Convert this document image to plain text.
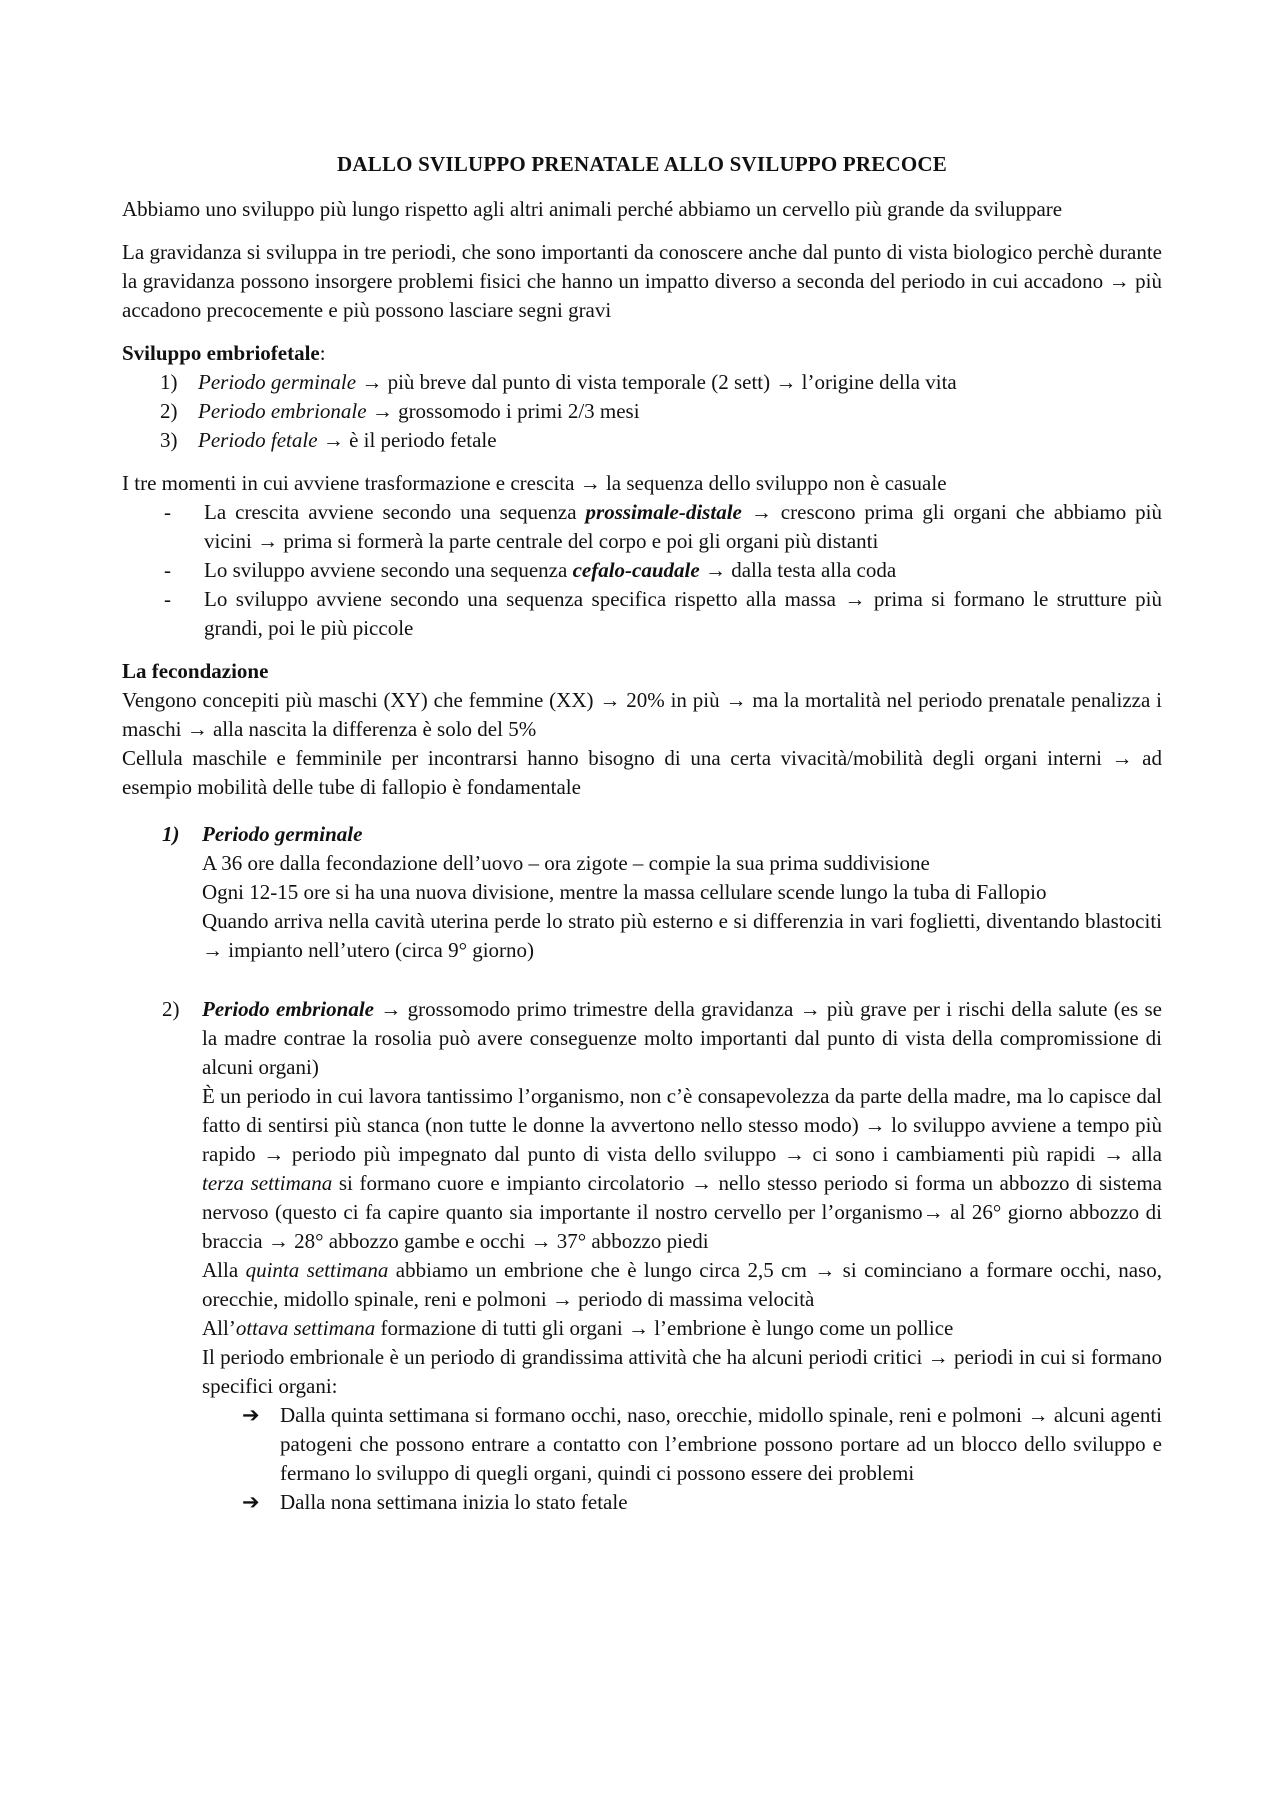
DALLO SVILUPPO PRENATALE ALLO SVILUPPO PRECOCE

Abbiamo uno sviluppo più lungo rispetto agli altri animali perché abbiamo un cervello più grande da sviluppare

La gravidanza si sviluppa in tre periodi, che sono importanti da conoscere anche dal punto di vista biologico perchè durante la gravidanza possono insorgere problemi fisici che hanno un impatto diverso a seconda del periodo in cui accadono → più accadono precocemente e più possono lasciare segni gravi

Sviluppo embriofetale:

1) Periodo germinale → più breve dal punto di vista temporale (2 sett) → l’origine della vita
2) Periodo embrionale → grossomodo i primi 2/3 mesi
3) Periodo fetale → è il periodo fetale

I tre momenti in cui avviene trasformazione e crescita → la sequenza dello sviluppo non è casuale

-	La crescita avviene secondo una sequenza prossimale-distale → crescono prima gli organi che abbiamo più vicini → prima si formerà la parte centrale del corpo e poi gli organi più distanti
-	Lo sviluppo avviene secondo una sequenza cefalo-caudale → dalla testa alla coda
-	Lo sviluppo avviene secondo una sequenza specifica rispetto alla massa → prima si formano le strutture più grandi, poi le più piccole

La fecondazione

Vengono concepiti più maschi (XY) che femmine (XX) → 20% in più → ma la mortalità nel periodo prenatale penalizza i maschi → alla nascita la differenza è solo del 5%

Cellula maschile e femminile per incontrarsi hanno bisogno di una certa vivacità/mobilità degli organi interni → ad esempio mobilità delle tube di fallopio è fondamentale

1)	Periodo germinale

A 36 ore dalla fecondazione dell’uovo – ora zigote – compie la sua prima suddivisione

Ogni 12-15 ore si ha una nuova divisione, mentre la massa cellulare scende lungo la tuba di Fallopio

Quando arriva nella cavità uterina perde lo strato più esterno e si differenzia in vari foglietti, diventando blastociti → impianto nell’utero (circa 9° giorno)

2)	Periodo embrionale → grossomodo primo trimestre della gravidanza → più grave per i rischi della salute (es se la madre contrae la rosolia può avere conseguenze molto importanti dal punto di vista della compromissione di alcuni organi)

È un periodo in cui lavora tantissimo l’organismo, non c’è consapevolezza da parte della madre, ma lo capisce dal fatto di sentirsi più stanca (non tutte le donne la avvertono nello stesso modo) → lo sviluppo avviene a tempo più rapido → periodo più impegnato dal punto di vista dello sviluppo → ci sono i cambiamenti più rapidi → alla terza settimana si formano cuore e impianto circolatorio → nello stesso periodo si forma un abbozzo di sistema nervoso (questo ci fa capire quanto sia importante il nostro cervello per l’organismo→ al 26° giorno abbozzo di braccia → 28° abbozzo gambe e occhi → 37° abbozzo piedi

Alla quinta settimana abbiamo un embrione che è lungo circa 2,5 cm → si cominciano a formare occhi, naso, orecchie, midollo spinale, reni e polmoni → periodo di massima velocità

All’ottava settimana formazione di tutti gli organi → l’embrione è lungo come un pollice

Il periodo embrionale è un periodo di grandissima attività che ha alcuni periodi critici → periodi in cui si formano specifici organi:

➔ Dalla quinta settimana si formano occhi, naso, orecchie, midollo spinale, reni e polmoni → alcuni agenti patogeni che possono entrare a contatto con l’embrione possono portare ad un blocco dello sviluppo e fermano lo sviluppo di quegli organi, quindi ci possono essere dei problemi
➔ Dalla nona settimana inizia lo stato fetale
